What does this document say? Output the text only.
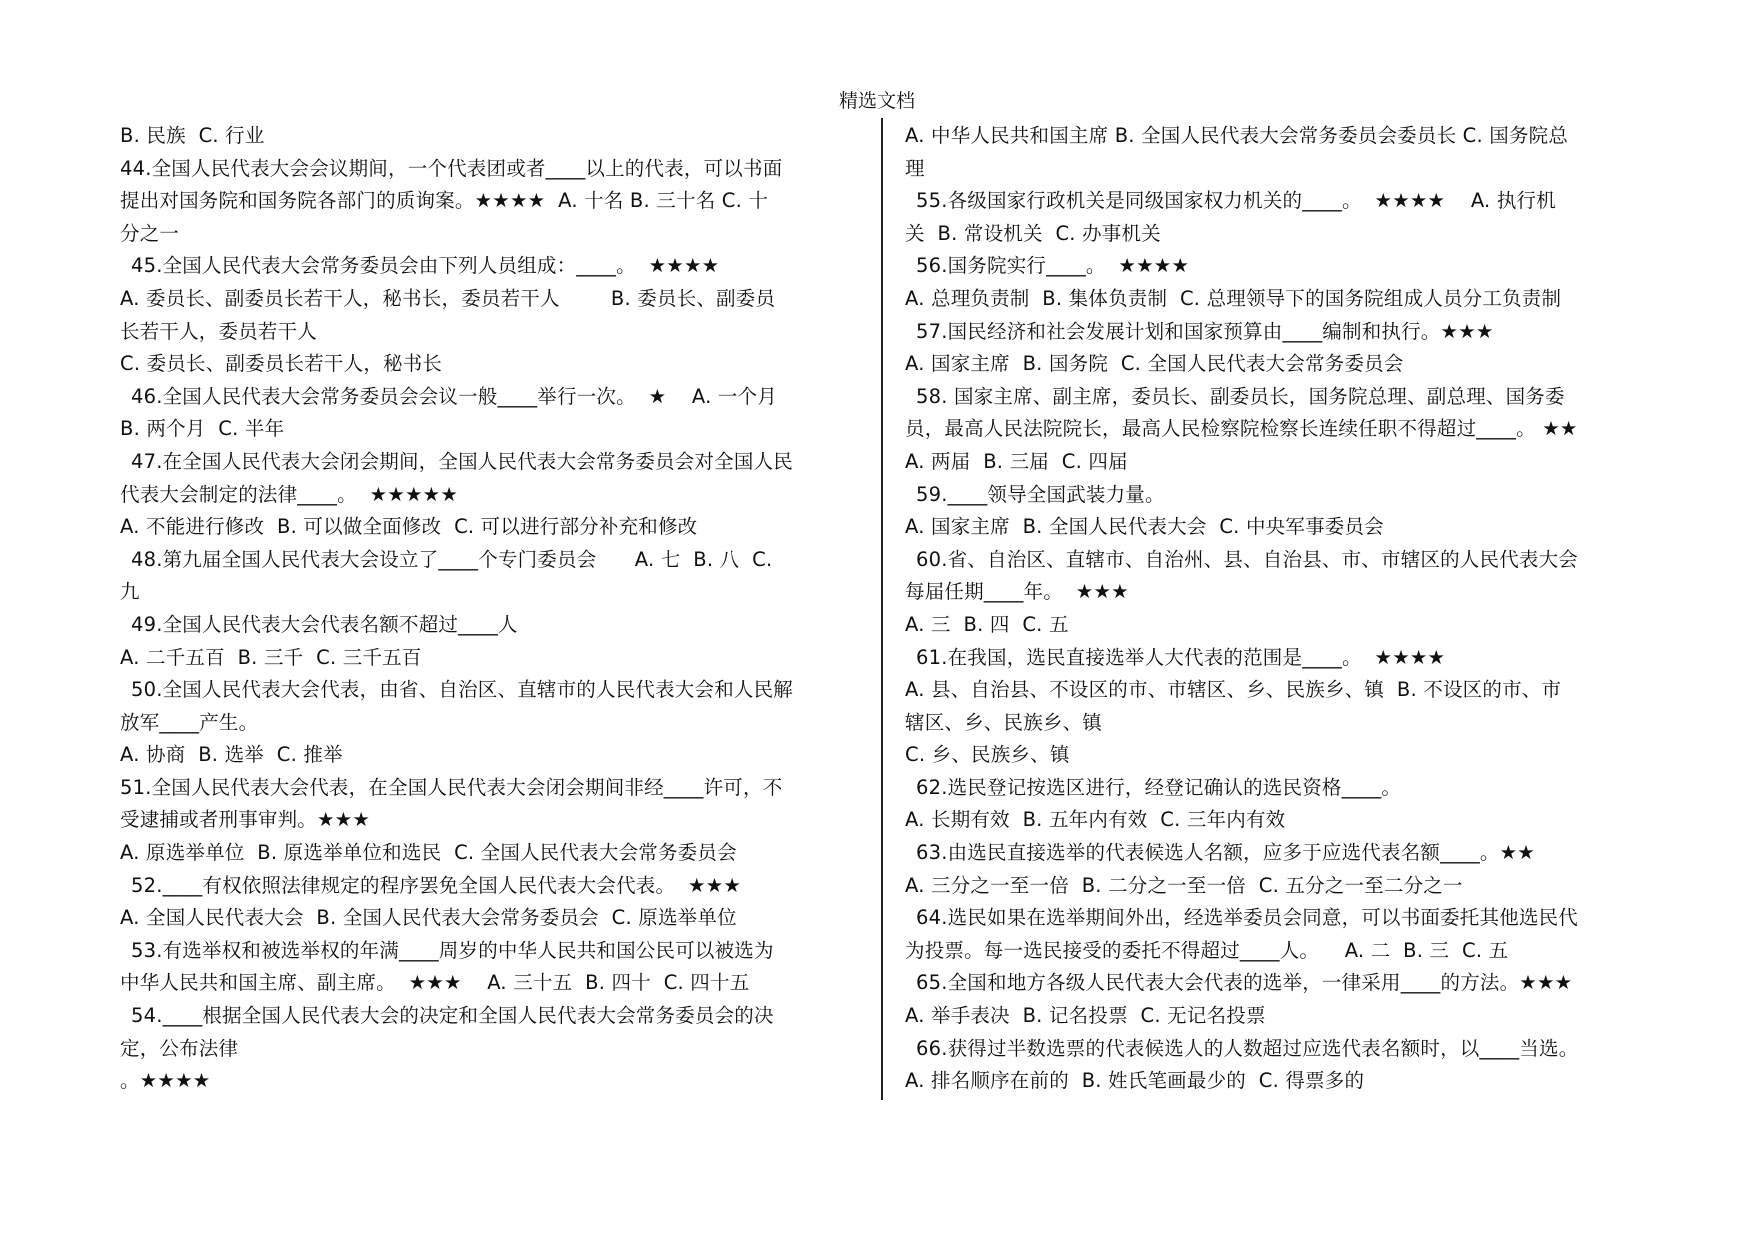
精选文档
B. 民族  C. 行业
44.全国人民代表大会会议期间，一个代表团或者____以上的代表，可以书面
提出对国务院和国务院各部门的质询案。★★★★  A. 十名 B. 三十名 C. 十
分之一
45.全国人民代表大会常务委员会由下列人员组成：____。  ★★★★
A. 委员长、副委员长若干人，秘书长，委员若干人        B. 委员长、副委员
长若干人，委员若干人
C. 委员长、副委员长若干人，秘书长
46.全国人民代表大会常务委员会会议一般____举行一次。  ★    A. 一个月
B. 两个月  C. 半年
47.在全国人民代表大会闭会期间，全国人民代表大会常务委员会对全国人民
代表大会制定的法律____。  ★★★★★
A. 不能进行修改  B. 可以做全面修改  C. 可以进行部分补充和修改
48.第九届全国人民代表大会设立了____个专门委员会      A. 七  B. 八  C.
九
49.全国人民代表大会代表名额不超过____人
A. 二千五百  B. 三千  C. 三千五百
50.全国人民代表大会代表，由省、自治区、直辖市的人民代表大会和人民解
放军____产生。
A. 协商  B. 选举  C. 推举
51.全国人民代表大会代表，在全国人民代表大会闭会期间非经____许可，不
受逮捕或者刑事审判。★★★
A. 原选举单位  B. 原选举单位和选民  C. 全国人民代表大会常务委员会
52.____有权依照法律规定的程序罢免全国人民代表大会代表。  ★★★
A. 全国人民代表大会  B. 全国人民代表大会常务委员会  C. 原选举单位
53.有选举权和被选举权的年满____周岁的中华人民共和国公民可以被选为
中华人民共和国主席、副主席。  ★★★    A. 三十五  B. 四十  C. 四十五
54.____根据全国人民代表大会的决定和全国人民代表大会常务委员会的决
定，公布法律
。★★★★
A. 中华人民共和国主席 B. 全国人民代表大会常务委员会委员长 C. 国务院总
理
55.各级国家行政机关是同级国家权力机关的____。  ★★★★    A. 执行机
关  B. 常设机关  C. 办事机关
56.国务院实行____。  ★★★★
A. 总理负责制  B. 集体负责制  C. 总理领导下的国务院组成人员分工负责制
57.国民经济和社会发展计划和国家预算由____编制和执行。★★★
A. 国家主席  B. 国务院  C. 全国人民代表大会常务委员会
58. 国家主席、副主席，委员长、副委员长，国务院总理、副总理、国务委
员，最高人民法院院长，最高人民检察院检察长连续任职不得超过____。 ★★
A. 两届  B. 三届  C. 四届
59.____领导全国武装力量。
A. 国家主席  B. 全国人民代表大会  C. 中央军事委员会
60.省、自治区、直辖市、自治州、县、自治县、市、市辖区的人民代表大会
每届任期____年。  ★★★
A. 三  B. 四  C. 五
61.在我国，选民直接选举人大代表的范围是____。  ★★★★
A. 县、自治县、不设区的市、市辖区、乡、民族乡、镇  B. 不设区的市、市
辖区、乡、民族乡、镇
C. 乡、民族乡、镇
62.选民登记按选区进行，经登记确认的选民资格____。
A. 长期有效  B. 五年内有效  C. 三年内有效
63.由选民直接选举的代表候选人名额，应多于应选代表名额____。★★
A. 三分之一至一倍  B. 二分之一至一倍  C. 五分之一至二分之一
64.选民如果在选举期间外出，经选举委员会同意，可以书面委托其他选民代
为投票。每一选民接受的委托不得超过____人。    A. 二  B. 三  C. 五
65.全国和地方各级人民代表大会代表的选举，一律采用____的方法。★★★
A. 举手表决  B. 记名投票  C. 无记名投票
66.获得过半数选票的代表候选人的人数超过应选代表名额时，以____当选。
A. 排名顺序在前的  B. 姓氏笔画最少的  C. 得票多的
